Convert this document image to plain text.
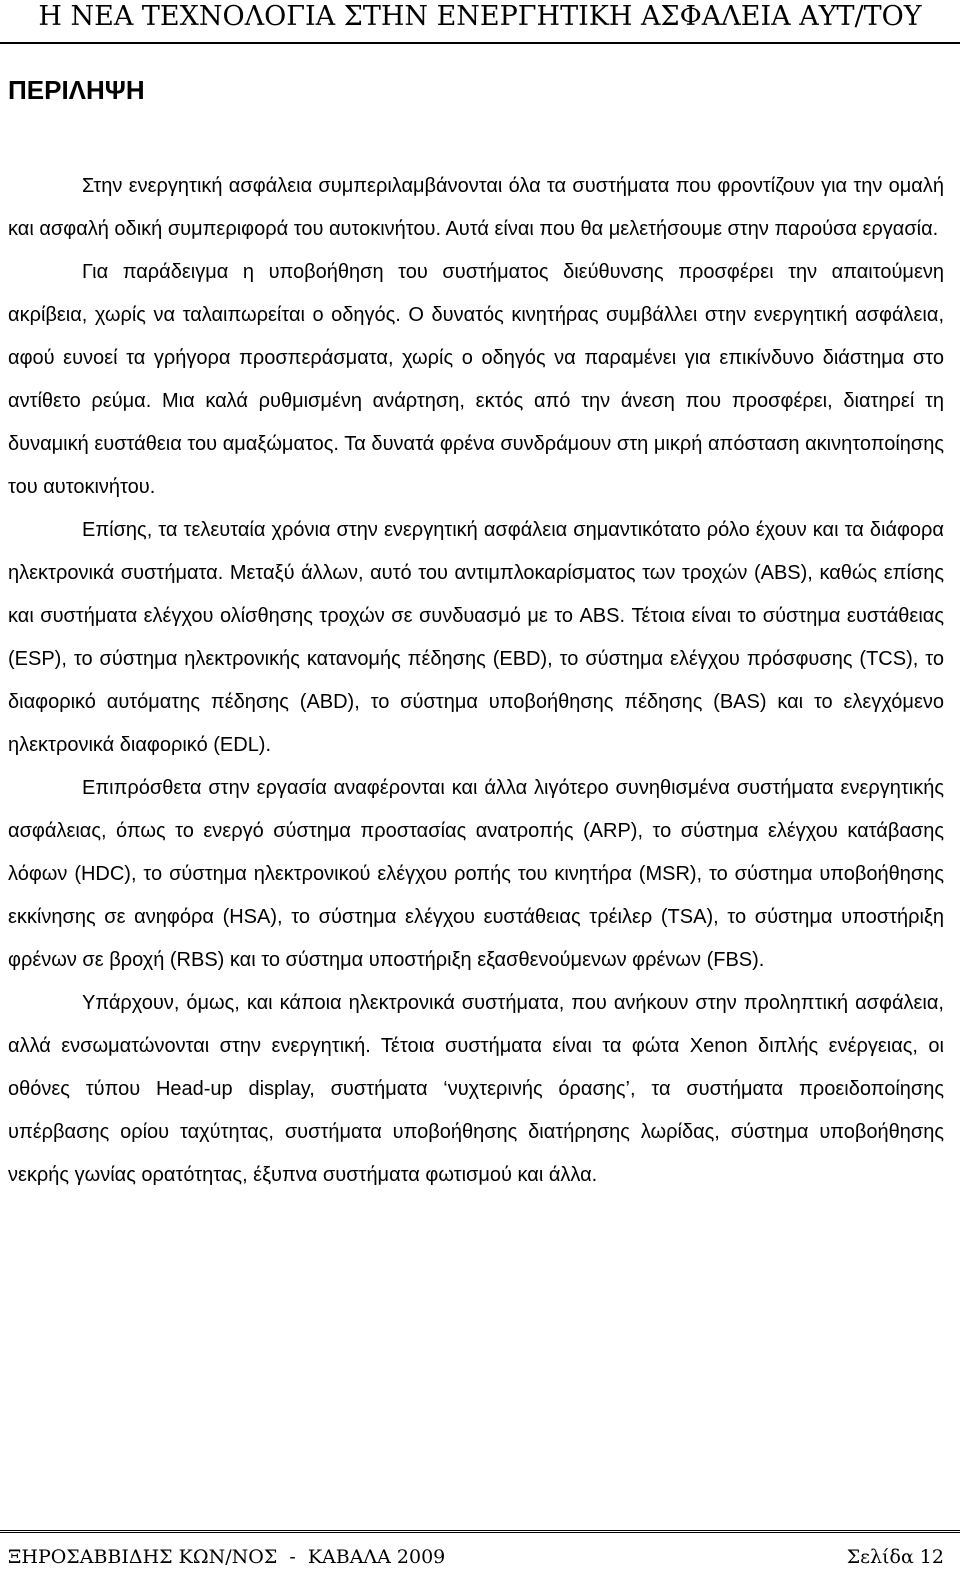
Η ΝΕΑ ΤΕΧΝΟΛΟΓΙΑ ΣΤΗΝ ΕΝΕΡΓΗΤΙΚΗ ΑΣΦΑΛΕΙΑ ΑΥΤ/ΤΟΥ
ΠΕΡΙΛΗΨΗ

Στην ενεργητική ασφάλεια συμπεριλαμβάνονται όλα τα συστήματα που φροντίζουν για την ομαλή και ασφαλή οδική συμπεριφορά του αυτοκινήτου. Αυτά είναι που θα μελετήσουμε στην παρούσα εργασία.

Για παράδειγμα η υποβοήθηση του συστήματος διεύθυνσης προσφέρει την απαιτούμενη ακρίβεια, χωρίς να ταλαιπωρείται ο οδηγός. Ο δυνατός κινητήρας συμβάλλει στην ενεργητική ασφάλεια, αφού ευνοεί τα γρήγορα προσπεράσματα, χωρίς ο οδηγός να παραμένει για επικίνδυνο διάστημα στο αντίθετο ρεύμα. Μια καλά ρυθμισμένη ανάρτηση, εκτός από την άνεση που προσφέρει, διατηρεί τη δυναμική ευστάθεια του αμαξώματος. Τα δυνατά φρένα συνδράμουν στη μικρή απόσταση ακινητοποίησης του αυτοκινήτου.

Επίσης, τα τελευταία χρόνια στην ενεργητική ασφάλεια σημαντικότατο ρόλο έχουν και τα διάφορα ηλεκτρονικά συστήματα. Μεταξύ άλλων, αυτό του αντιμπλοκαρίσματος των τροχών (ABS), καθώς επίσης και συστήματα ελέγχου ολίσθησης τροχών σε συνδυασμό με το ABS. Τέτοια είναι το σύστημα ευστάθειας (ESP), το σύστημα ηλεκτρονικής κατανομής πέδησης (EBD), το σύστημα ελέγχου πρόσφυσης (TCS), το διαφορικό αυτόματης πέδησης (ABD), το σύστημα υποβοήθησης πέδησης (BAS) και το ελεγχόμενο ηλεκτρονικά διαφορικό (EDL).

Επιπρόσθετα στην εργασία αναφέρονται και άλλα λιγότερο συνηθισμένα συστήματα ενεργητικής ασφάλειας, όπως το ενεργό σύστημα προστασίας ανατροπής (ARP), το σύστημα ελέγχου κατάβασης λόφων (HDC), το σύστημα ηλεκτρονικού ελέγχου ροπής του κινητήρα (MSR), το σύστημα υποβοήθησης εκκίνησης σε ανηφόρα (HSA), το σύστημα ελέγχου ευστάθειας τρέιλερ (TSA), το σύστημα υποστήριξη φρένων σε βροχή (RBS) και το σύστημα υποστήριξη εξασθενούμενων φρένων (FBS).

Υπάρχουν, όμως, και κάποια ηλεκτρονικά συστήματα, που ανήκουν στην προληπτική ασφάλεια, αλλά ενσωματώνονται στην ενεργητική. Τέτοια συστήματα είναι τα φώτα Xenon διπλής ενέργειας, οι οθόνες τύπου Head-up display, συστήματα ‘νυχτερινής όρασης’, τα συστήματα προειδοποίησης υπέρβασης ορίου ταχύτητας, συστήματα υποβοήθησης διατήρησης λωρίδας, σύστημα υποβοήθησης νεκρής γωνίας ορατότητας, έξυπνα συστήματα φωτισμού και άλλα.

ΞΗΡΟΣΑΒΒΙΔΗΣ ΚΩΝ/ΝΟΣ  -  ΚΑΒΑΛΑ 2009	Σελίδα 12
